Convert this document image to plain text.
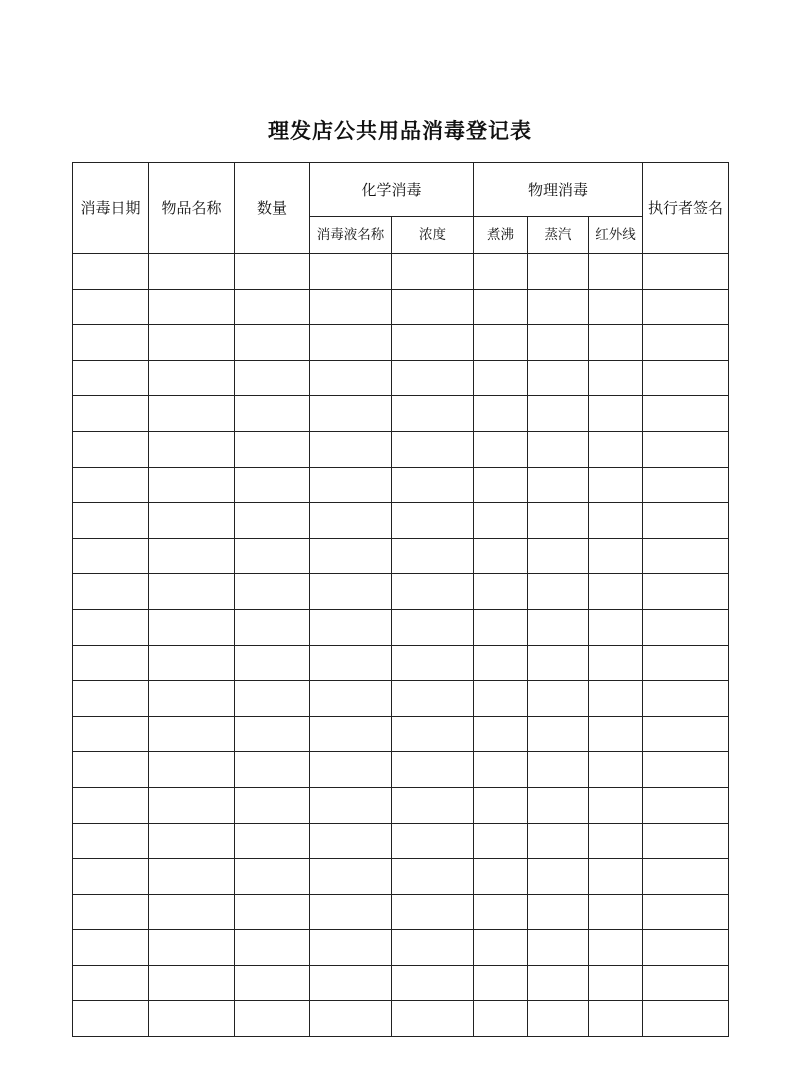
理发店公共用品消毒登记表
消毒日期	物品名称	数量	化学消毒		物理消毒			执行者签名

			消毒液名称	浓度	煮沸	蒸汽	红外线	
